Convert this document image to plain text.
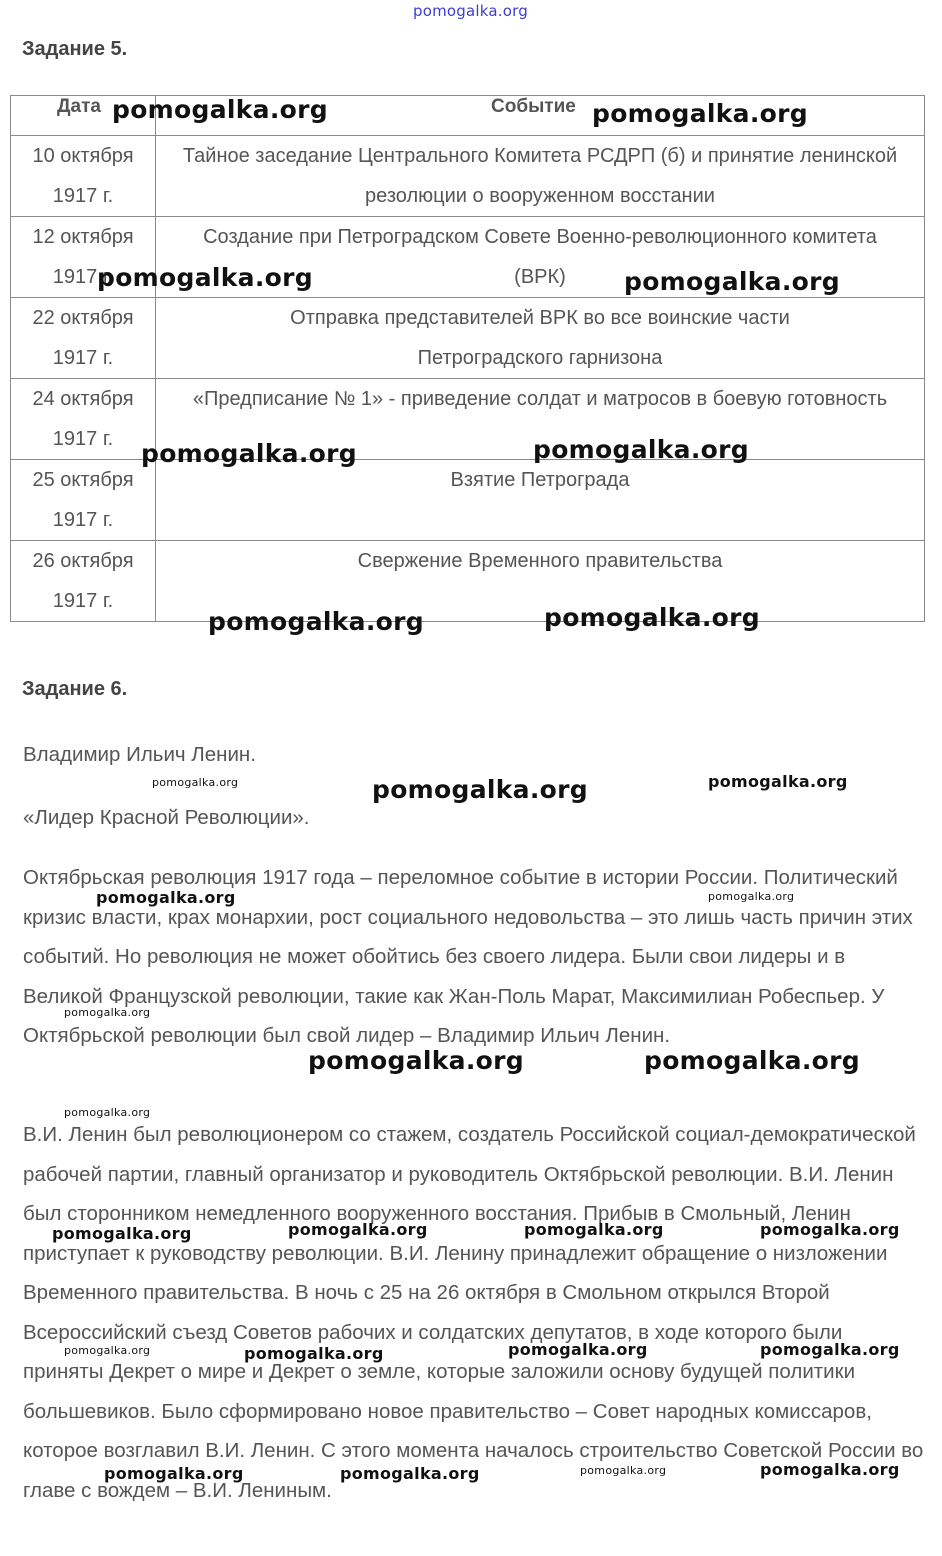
pomogalka.org
Задание 5.
Дата	Событие
10 октября
1917 г.	Тайное заседание Центрального Комитета РСДРП (б) и принятие ленинской резолюции о вооруженном восстании
12 октября
1917 г.	Создание при Петроградском Совете Военно-революционного комитета (ВРК)
22 октября
1917 г.	Отправка представителей ВРК во все воинские части Петроградского гарнизона
24 октября
1917 г.	«Предписание № 1» - приведение солдат и матросов в боевую готовность
25 октября
1917 г.	Взятие Петрограда
26 октября
1917 г.	Свержение Временного правительства
Задание 6.
Владимир Ильич Ленин.
«Лидер Красной Революции».

Октябрьская революция 1917 года – переломное событие в истории России. Политический кризис власти, крах монархии, рост социального недовольства – это лишь часть причин этих событий. Но революция не может обойтись без своего лидера. Были свои лидеры и в Великой Французской революции, такие как Жан-Поль Марат, Максимилиан Робеспьер. У Октябрьской революции был свой лидер – Владимир Ильич Ленин.

В.И. Ленин был революционером со стажем, создатель Российской социал-демократической рабочей партии, главный организатор и руководитель Октябрьской революции. В.И. Ленин был сторонником немедленного вооруженного восстания. Прибыв в Смольный, Ленин приступает к руководству революции. В.И. Ленину принадлежит обращение о низложении Временного правительства. В ночь с 25 на 26 октября в Смольном открылся Второй Всероссийский съезд Советов рабочих и солдатских депутатов, в ходе которого были приняты Декрет о мире и Декрет о земле, которые заложили основу будущей политики большевиков. Было сформировано новое правительство – Совет народных комиссаров, которое возглавил В.И. Ленин. С этого момента началось строительство Советской России во главе с вождем – В.И. Лениным.

pomogalka.org	pomogalka.org
pomogalka.org	pomogalka.org
pomogalka.org	pomogalka.org
pomogalka.org	pomogalka.org
pomogalka.org	pomogalka.org	pomogalka.org
pomogalka.org	pomogalka.org
pomogalka.org
pomogalka.org	pomogalka.org
pomogalka.org
pomogalka.org	pomogalka.org	pomogalka.org	pomogalka.org
pomogalka.org	pomogalka.org	pomogalka.org	pomogalka.org
pomogalka.org	pomogalka.org	pomogalka.org	pomogalka.org
